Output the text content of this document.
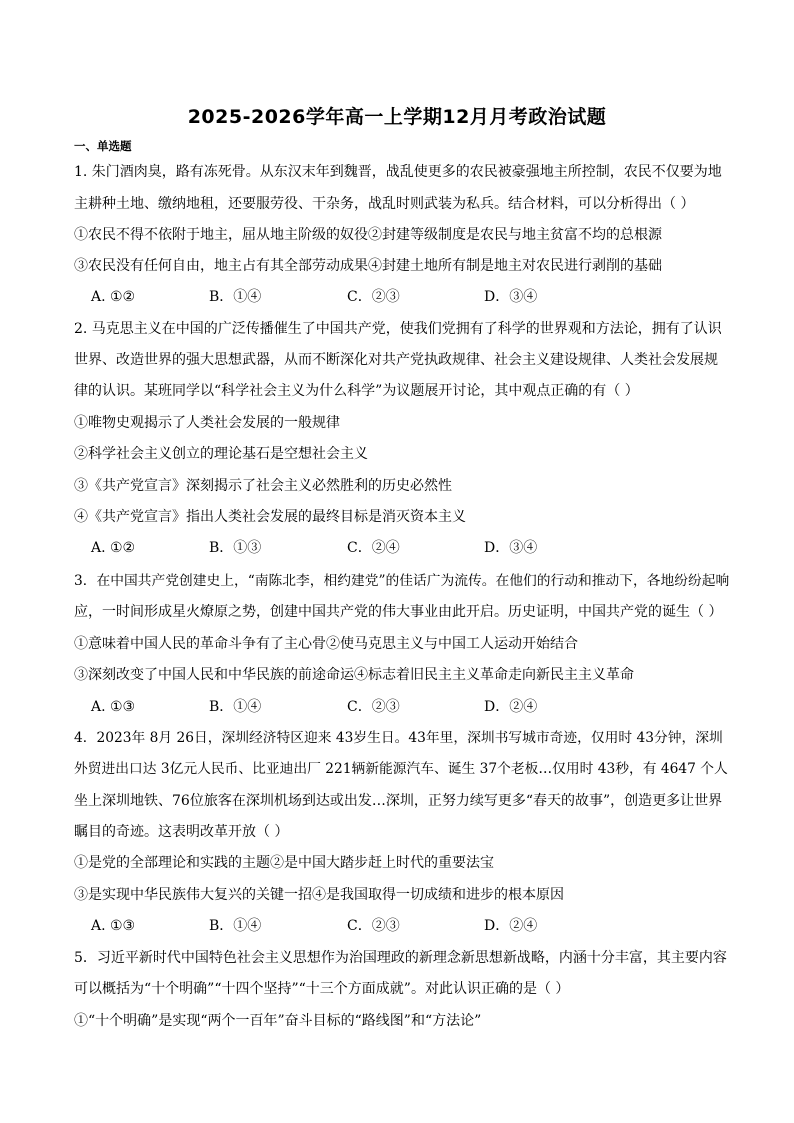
2025-2026学年高一上学期12月月考政治试题
一、单选题
1. 朱门酒肉臭，路有冻死骨。从东汉末年到魏晋，战乱使更多的农民被豪强地主所控制，农民不仅要为地
主耕种土地、缴纳地租，还要服劳役、干杂务，战乱时则武装为私兵。结合材料，可以分析得出（ ）
①农民不得不依附于地主，屈从地主阶级的奴役②封建等级制度是农民与地主贫富不均的总根源
③农民没有任何自由，地主占有其全部劳动成果④封建土地所有制是地主对农民进行剥削的基础
A. ①②	B．①④	C．②③	D．③④
2. 马克思主义在中国的广泛传播催生了中国共产党，使我们党拥有了科学的世界观和方法论，拥有了认识
世界、改造世界的强大思想武器，从而不断深化对共产党执政规律、社会主义建设规律、人类社会发展规
律的认识。某班同学以“科学社会主义为什么科学”为议题展开讨论，其中观点正确的有（ ）
①唯物史观揭示了人类社会发展的一般规律
②科学社会主义创立的理论基石是空想社会主义
③《共产党宣言》深刻揭示了社会主义必然胜利的历史必然性
④《共产党宣言》指出人类社会发展的最终目标是消灭资本主义
A. ①②	B．①③	C．②④	D．③④
3．在中国共产党创建史上，“南陈北李，相约建党”的佳话广为流传。在他们的行动和推动下，各地纷纷起响
应，一时间形成星火燎原之势，创建中国共产党的伟大事业由此开启。历史证明，中国共产党的诞生（ ）
①意味着中国人民的革命斗争有了主心骨②使马克思主义与中国工人运动开始结合
③深刻改变了中国人民和中华民族的前途命运④标志着旧民主主义革命走向新民主主义革命
A. ①③	B．①④	C．②③	D．②④
4．2023年 8月 26日，深圳经济特区迎来 43岁生日。43年里，深圳书写城市奇迹，仅用时 43分钟，深圳
外贸进出口达 3亿元人民币、比亚迪出厂 221辆新能源汽车、诞生 37个老板…仅用时 43秒，有 4647 个人
坐上深圳地铁、76位旅客在深圳机场到达或出发…深圳，正努力续写更多“春天的故事”，创造更多让世界
瞩目的奇迹。这表明改革开放（ ）
①是党的全部理论和实践的主题②是中国大踏步赶上时代的重要法宝
③是实现中华民族伟大复兴的关键一招④是我国取得一切成绩和进步的根本原因
A. ①③	B．①④	C．②③	D．②④
5．习近平新时代中国特色社会主义思想作为治国理政的新理念新思想新战略，内涵十分丰富，其主要内容
可以概括为“十个明确”“十四个坚持”“十三个方面成就”。对此认识正确的是（ ）
①“十个明确”是实现“两个一百年”奋斗目标的“路线图”和“方法论”
